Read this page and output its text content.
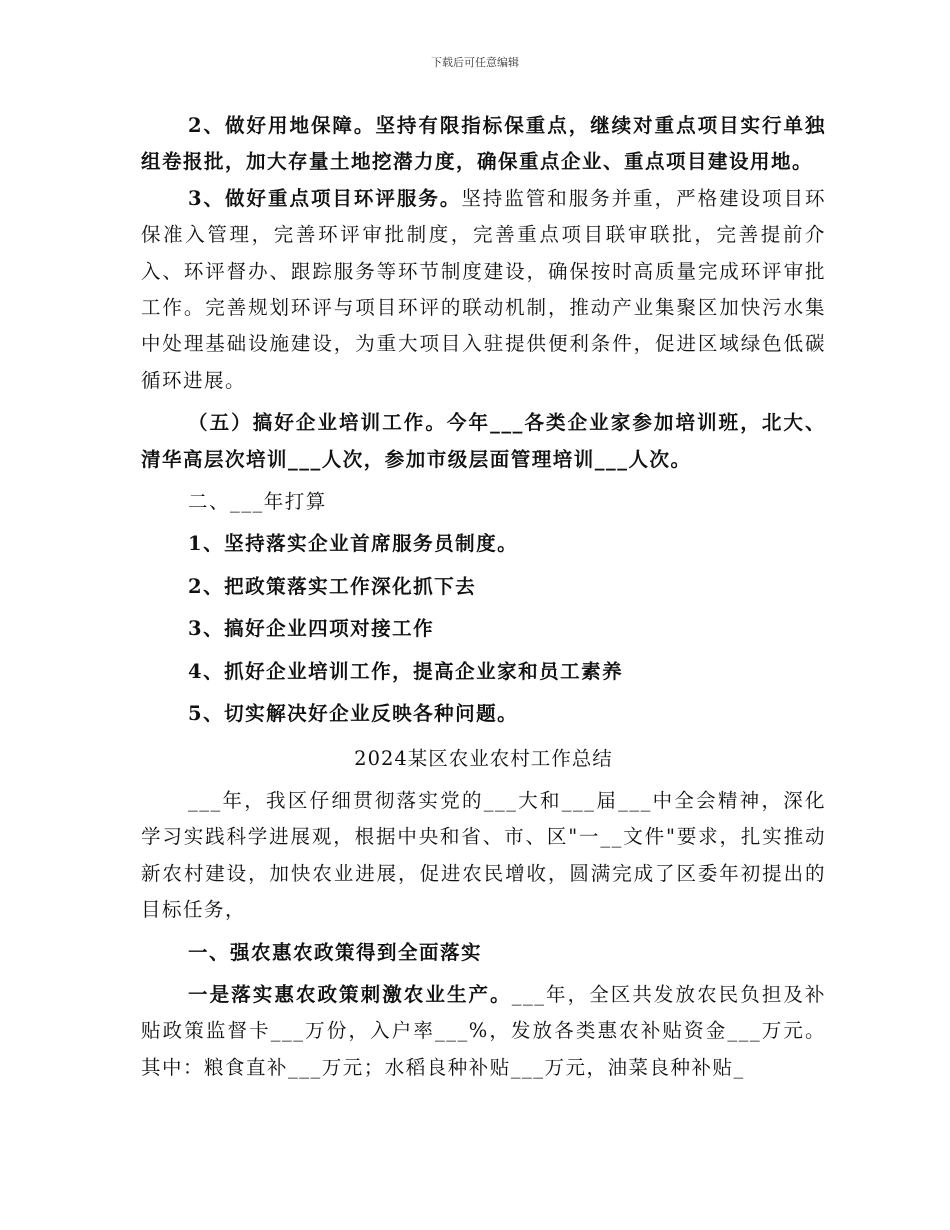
下载后可任意编辑

2、做好用地保障。坚持有限指标保重点，继续对重点项目实行单独组卷报批，加大存量土地挖潜力度，确保重点企业、重点项目建设用地。

3、做好重点项目环评服务。坚持监管和服务并重，严格建设项目环保准入管理，完善环评审批制度，完善重点项目联审联批，完善提前介入、环评督办、跟踪服务等环节制度建设，确保按时高质量完成环评审批工作。完善规划环评与项目环评的联动机制，推动产业集聚区加快污水集中处理基础设施建设，为重大项目入驻提供便利条件，促进区域绿色低碳循环进展。

（五）搞好企业培训工作。今年___各类企业家参加培训班，北大、清华高层次培训___人次，参加市级层面管理培训___人次。

二、___年打算

1、坚持落实企业首席服务员制度。

2、把政策落实工作深化抓下去

3、搞好企业四项对接工作

4、抓好企业培训工作，提高企业家和员工素养

5、切实解决好企业反映各种问题。

2024某区农业农村工作总结

___年，我区仔细贯彻落实党的___大和___届___中全会精神，深化学习实践科学进展观，根据中央和省、市、区"一__文件"要求，扎实推动新农村建设，加快农业进展，促进农民增收，圆满完成了区委年初提出的目标任务，

一、强农惠农政策得到全面落实

一是落实惠农政策刺激农业生产。___年，全区共发放农民负担及补贴政策监督卡___万份，入户率___%，发放各类惠农补贴资金___万元。其中：粮食直补___万元；水稻良种补贴___万元，油菜良种补贴_
